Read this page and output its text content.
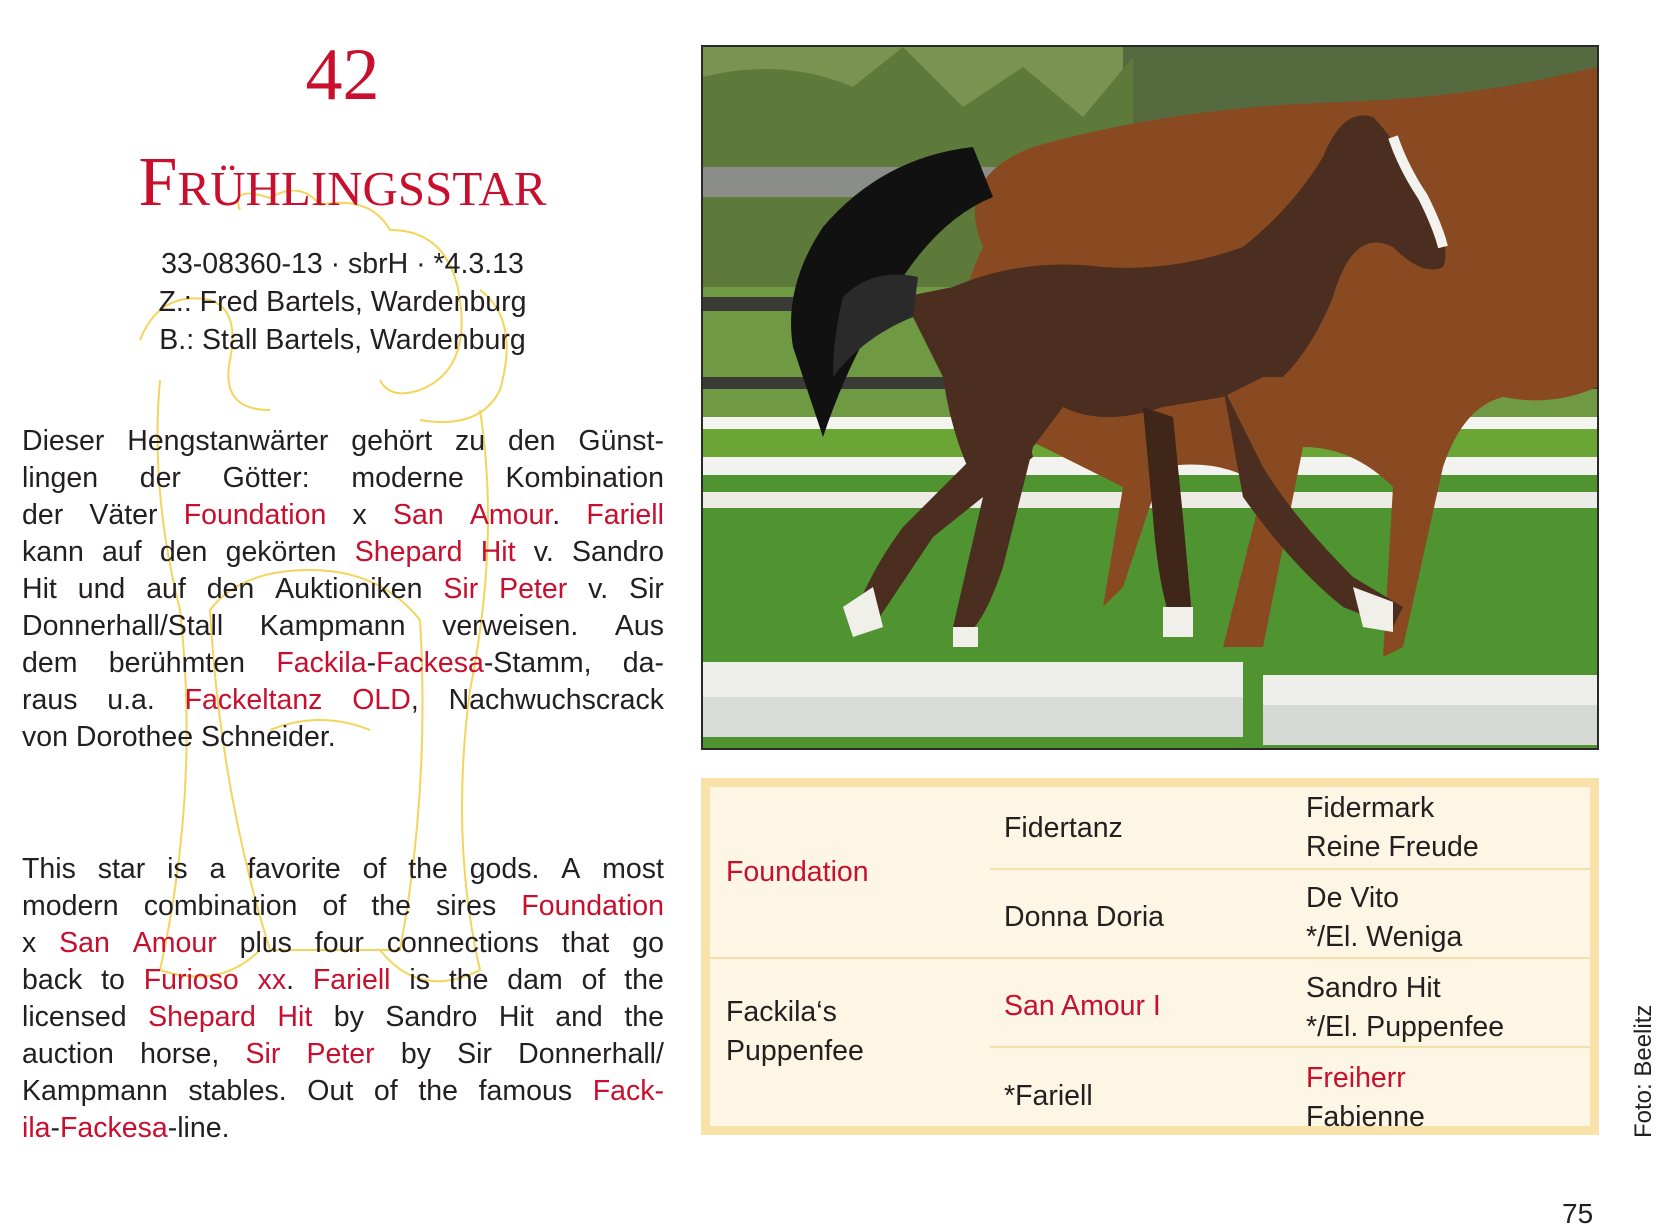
42
Frühlingsstar
33-08360-13 · sbrH · *4.3.13
Z.: Fred Bartels, Wardenburg
B.: Stall Bartels, Wardenburg
Dieser Hengstanwärter gehört zu den Günst-
lingen der Götter: moderne Kombination
der Väter Foundation x San Amour. Fariell
kann auf den gekörten Shepard Hit v. Sandro
Hit und auf den Auktioniken Sir Peter v. Sir
Donnerhall/Stall Kampmann verweisen. Aus
dem berühmten Fackila-Fackesa-Stamm, da-
raus u.a. Fackeltanz OLD, Nachwuchscrack
von Dorothee Schneider.
This star is a favorite of the gods. A most
modern combination of the sires Foundation
x San Amour plus four connections that go
back to Furioso xx. Fariell is the dam of the
licensed Shepard Hit by Sandro Hit and the
auction horse, Sir Peter by Sir Donnerhall/
Kampmann stables. Out of the famous Fack-
ila - Fackesa -line.
Foundation
Fackila‘s Puppenfee
Fidertanz
Donna Doria
San Amour I
*Fariell
Fidermark
Reine Freude
De Vito
*/El. Weniga
Sandro Hit
*/El. Puppenfee
Freiherr
Fabienne	Foto: Beelitz
75
